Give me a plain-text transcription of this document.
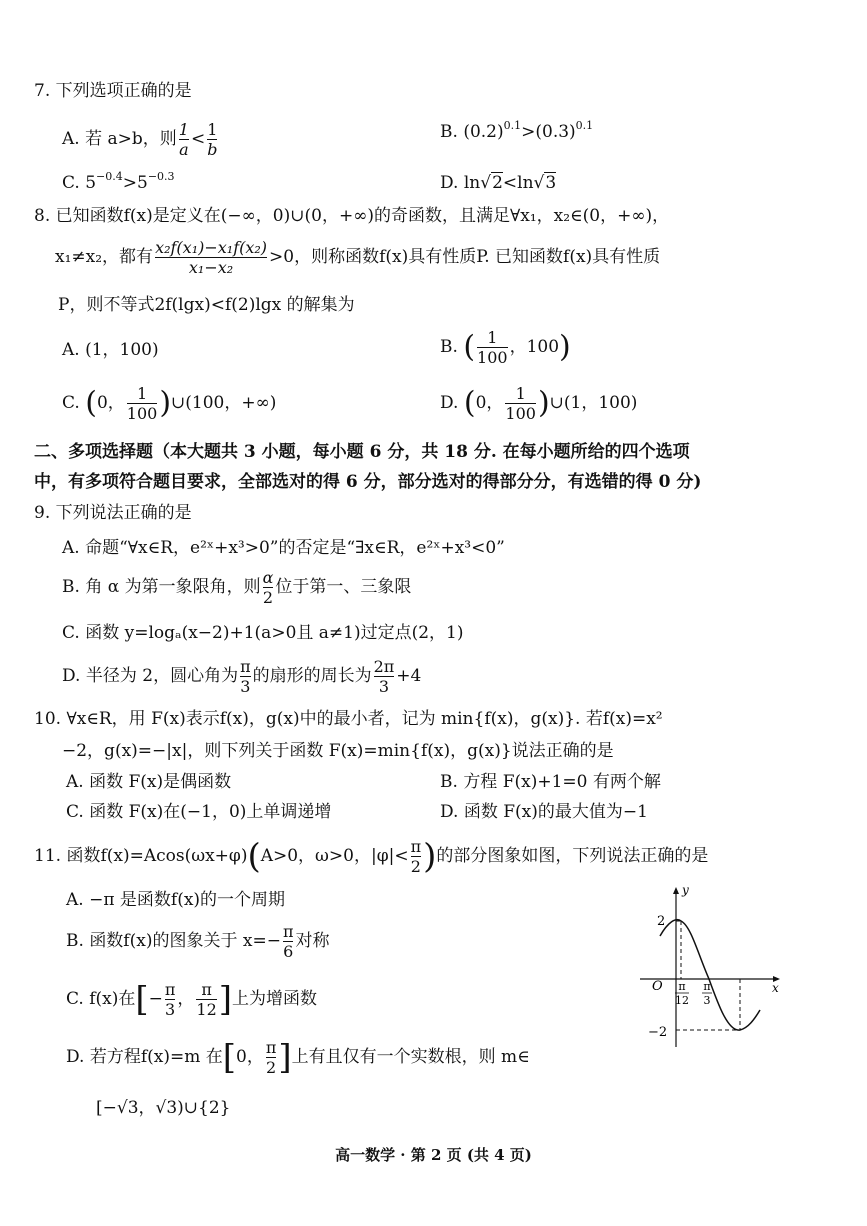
7. 下列选项正确的是
A. 若 a>b，则 $\frac{1}{a} < \frac{1}{b}$	B. $(0.2)^{0.1}>(0.3)^{0.1}$
C. $5^{-0.4}>5^{-0.3}$	D. ln√2<ln√3
8. 已知函数f(x)是定义在(−∞，0)∪(0，+∞)的奇函数，且满足∀x₁，x₂∈(0，+∞)，
x₁≠x₂，都有 $\frac{\text{x₂f(x₁)−x₁f(x₂)}}{\text{x₁−x₂}} >0$，则称函数f(x)具有性质P. 已知函数f(x)具有性质
P，则不等式2f(lgx)<f(2)lgx 的解集为
A. (1，100)	B. ( $\frac{1}{100}$ ，100)
C. (0， $\frac{1}{100}$ )∪(100，+∞)	D. (0， $\frac{1}{100}$ )∪(1，100)
二、多项选择题（本大题共 3 小题，每小题 6 分，共 18 分. 在每小题所给的四个选项
中，有多项符合题目要求，全部选对的得 6 分，部分选对的得部分分，有选错的得 0 分)
9. 下列说法正确的是
A. 命题“∀x∈R，e²ˣ+x³>0”的否定是“∃x∈R，e²ˣ+x³<0”
B. 角 α 为第一象限角，则 $\frac{\alpha}{2}$ 位于第一、三象限
C. 函数 y=logₐ(x−2)+1(a>0且 a≠1)过定点(2，1)
D. 半径为 2，圆心角为 $\frac{\pi}{3}$ 的扇形的周长为 $\frac{2\pi}{3} +4$
10. ∀x∈R，用 F(x)表示f(x)，g(x)中的最小者，记为 min{f(x)，g(x)}. 若f(x)=x²
−2，g(x)=−|x|，则下列关于函数 F(x)=min{f(x)，g(x)}说法正确的是
A. 函数 F(x)是偶函数	B. 方程 F(x)+1=0 有两个解
C. 函数 F(x)在(−1，0)上单调递增	D. 函数 F(x)的最大值为−1
11. 函数f(x)=Acos(ωx+φ)(A>0，ω>0，$|\varphi|< \frac{\pi}{2}$ )的部分图象如图，下列说法正确的是
A. −π 是函数f(x)的一个周期
B. 函数f(x)的图象关于 $x=- \frac{\pi}{6}$ 对称
C. f(x)在[− $\frac{\pi}{3}$ ， $\frac{\pi}{12}$ ]上为增函数
D. 若方程f(x)=m 在[0， $\frac{\pi}{2}$ ]上有且仅有一个实数根，则 m∈
[−√3，√3)∪{2}
y
x
O
2
−2
π
12
π
3
高一数学 · 第 2 页 (共 4 页)
